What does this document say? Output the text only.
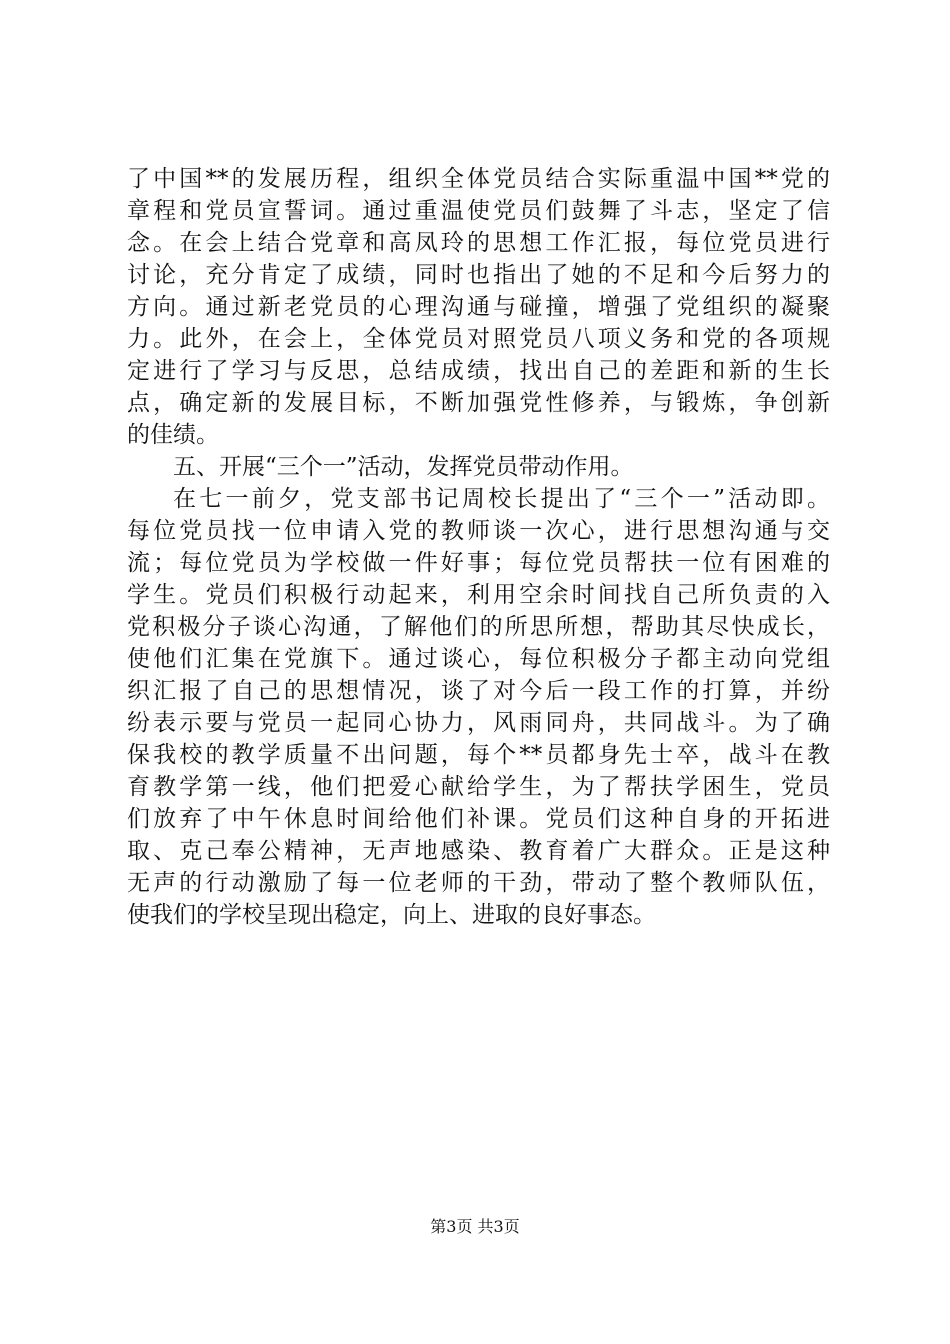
了中国**的发展历程，组织全体党员结合实际重温中国**党的
章程和党员宣誓词。通过重温使党员们鼓舞了斗志，坚定了信
念。在会上结合党章和高凤玲的思想工作汇报，每位党员进行
讨论，充分肯定了成绩，同时也指出了她的不足和今后努力的
方向。通过新老党员的心理沟通与碰撞，增强了党组织的凝聚
力。此外，在会上，全体党员对照党员八项义务和党的各项规
定进行了学习与反思，总结成绩，找出自己的差距和新的生长
点，确定新的发展目标，不断加强党性修养，与锻炼，争创新
的佳绩。
五、开展“三个一”活动，发挥党员带动作用。
在七一前夕，党支部书记周校长提出了“三个一”活动即。
每位党员找一位申请入党的教师谈一次心，进行思想沟通与交
流；每位党员为学校做一件好事；每位党员帮扶一位有困难的
学生。党员们积极行动起来，利用空余时间找自己所负责的入
党积极分子谈心沟通，了解他们的所思所想，帮助其尽快成长，
使他们汇集在党旗下。通过谈心，每位积极分子都主动向党组
织汇报了自己的思想情况，谈了对今后一段工作的打算，并纷
纷表示要与党员一起同心协力，风雨同舟，共同战斗。为了确
保我校的教学质量不出问题，每个**员都身先士卒，战斗在教
育教学第一线，他们把爱心献给学生，为了帮扶学困生，党员
们放弃了中午休息时间给他们补课。党员们这种自身的开拓进
取、克己奉公精神，无声地感染、教育着广大群众。正是这种
无声的行动激励了每一位老师的干劲，带动了整个教师队伍，
使我们的学校呈现出稳定，向上、进取的良好事态。
第3页 共3页
